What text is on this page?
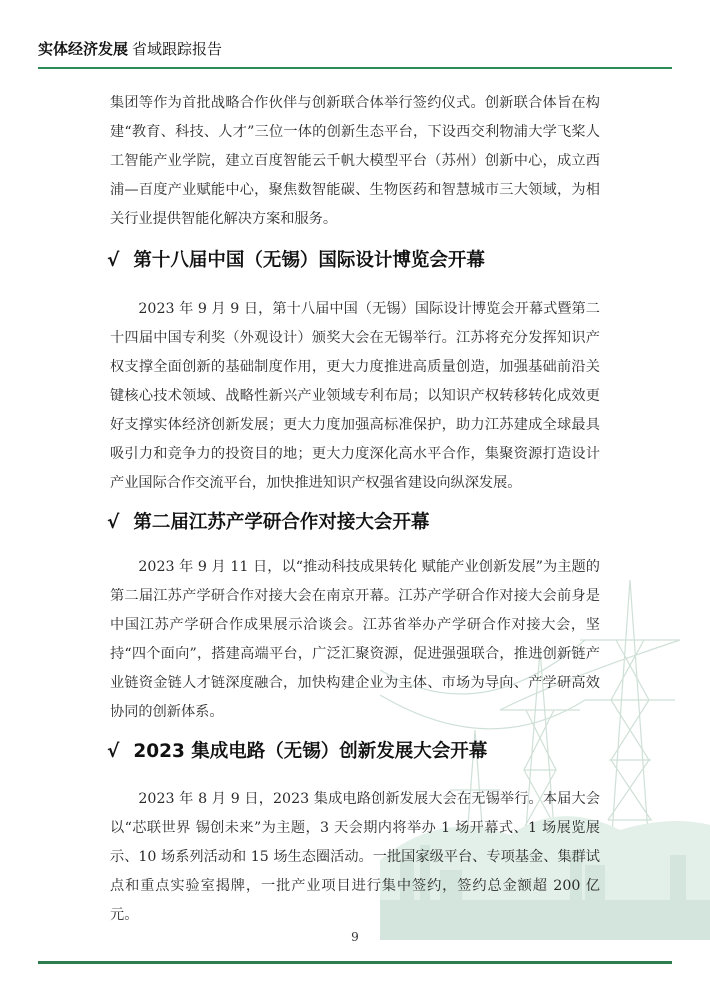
实体经济发展 省域跟踪报告
集团等作为首批战略合作伙伴与创新联合体举行签约仪式。创新联合体旨在构建“教育、科技、人才”三位一体的创新生态平台，下设西交利物浦大学飞桨人工智能产业学院，建立百度智能云千帆大模型平台（苏州）创新中心，成立西浦—百度产业赋能中心，聚焦数智能碳、生物医药和智慧城市三大领域，为相关行业提供智能化解决方案和服务。
√ 第十八届中国（无锡）国际设计博览会开幕
2023 年 9 月 9 日，第十八届中国（无锡）国际设计博览会开幕式暨第二十四届中国专利奖（外观设计）颁奖大会在无锡举行。江苏将充分发挥知识产权支撑全面创新的基础制度作用，更大力度推进高质量创造，加强基础前沿关键核心技术领域、战略性新兴产业领域专利布局；以知识产权转移转化成效更好支撑实体经济创新发展；更大力度加强高标准保护，助力江苏建成全球最具吸引力和竞争力的投资目的地；更大力度深化高水平合作，集聚资源打造设计产业国际合作交流平台，加快推进知识产权强省建设向纵深发展。
√ 第二届江苏产学研合作对接大会开幕
2023 年 9 月 11 日，以“推动科技成果转化 赋能产业创新发展”为主题的第二届江苏产学研合作对接大会在南京开幕。江苏产学研合作对接大会前身是中国江苏产学研合作成果展示洽谈会。江苏省举办产学研合作对接大会，坚持“四个面向”，搭建高端平台，广泛汇聚资源，促进强强联合，推进创新链产业链资金链人才链深度融合，加快构建企业为主体、市场为导向、产学研高效协同的创新体系。
√ 2023 集成电路（无锡）创新发展大会开幕
2023 年 8 月 9 日，2023 集成电路创新发展大会在无锡举行。本届大会以“芯联世界 锡创未来”为主题，3 天会期内将举办 1 场开幕式、1 场展览展示、10 场系列活动和 15 场生态圈活动。一批国家级平台、专项基金、集群试点和重点实验室揭牌，一批产业项目进行集中签约，签约总金额超 200 亿元。
9
